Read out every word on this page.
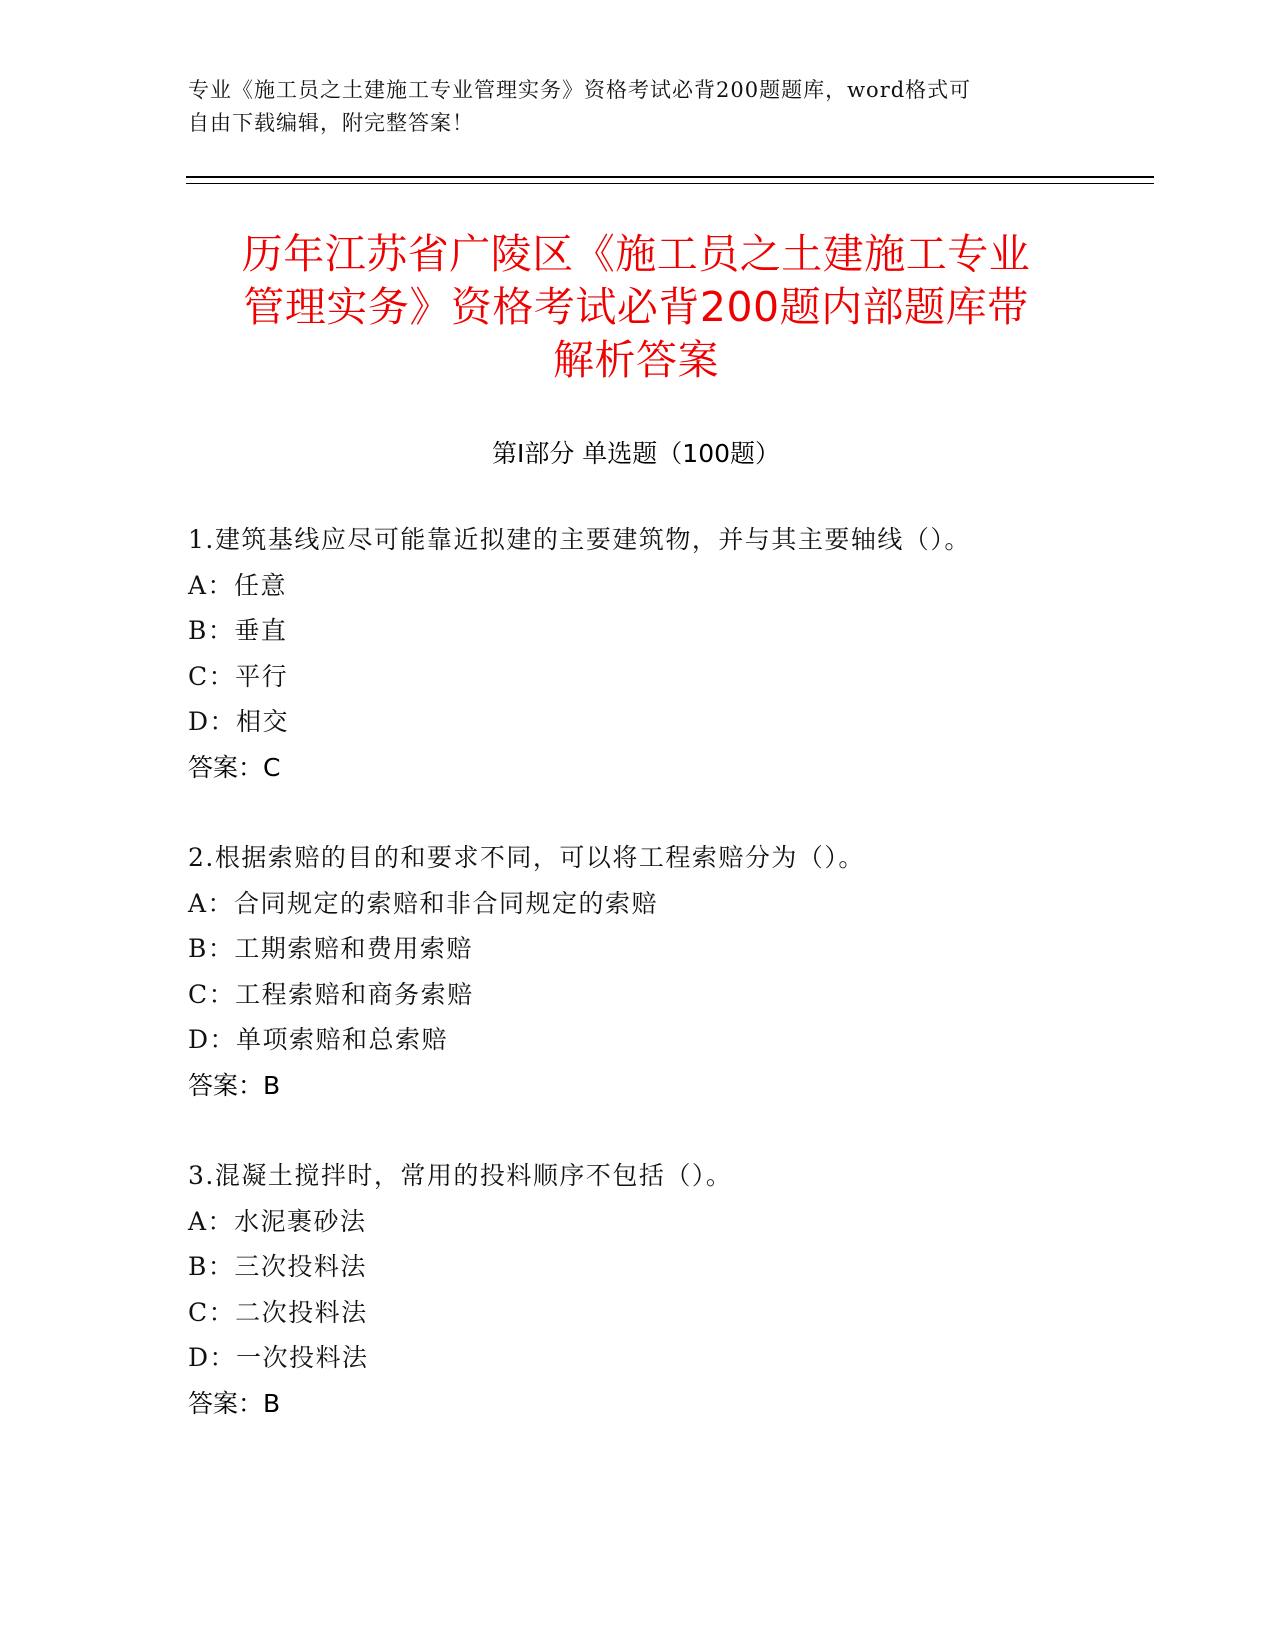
专业《施工员之土建施工专业管理实务》资格考试必背200题题库，word格式可
自由下载编辑，附完整答案！
历年江苏省广陵区《施工员之土建施工专业
管理实务》资格考试必背200题内部题库带
解析答案
第Ⅰ部分 单选题（100题）
1.建筑基线应尽可能靠近拟建的主要建筑物，并与其主要轴线（）。
A：任意
B：垂直
C：平行
D：相交
答案：C
2.根据索赔的目的和要求不同，可以将工程索赔分为（）。
A：合同规定的索赔和非合同规定的索赔
B：工期索赔和费用索赔
C：工程索赔和商务索赔
D：单项索赔和总索赔
答案：B
3.混凝土搅拌时，常用的投料顺序不包括（）。
A：水泥裹砂法
B：三次投料法
C：二次投料法
D：一次投料法
答案：B
